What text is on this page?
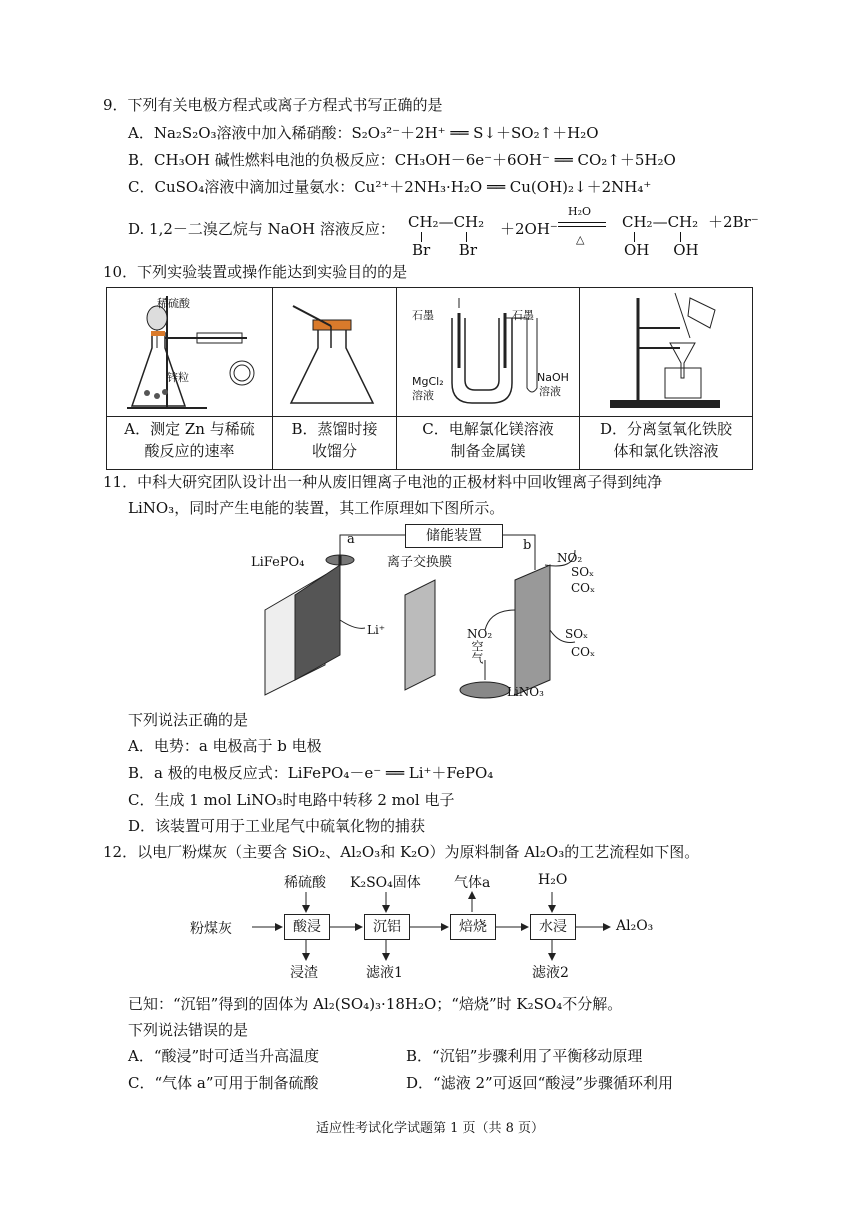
9．下列有关电极方程式或离子方程式书写正确的是
A．Na₂S₂O₃溶液中加入稀硝酸：S₂O₃²⁻＋2H⁺ ══ S↓＋SO₂↑＋H₂O
B．CH₃OH 碱性燃料电池的负极反应：CH₃OH－6e⁻＋6OH⁻ ══ CO₂↑＋5H₂O
C．CuSO₄溶液中滴加过量氨水：Cu²⁺＋2NH₃·H₂O ══ Cu(OH)₂↓＋2NH₄⁺
D. 1,2－二溴乙烷与 NaOH 溶液反应： CH₂—CH₂
Br      Br
＋2OH⁻
H₂O
△
CH₂—CH₂
OH     OH
＋2Br⁻
10．下列实验装置或操作能达到实验目的的是
稀硫酸
锌粒
石墨	石墨
MgCl₂
溶液
NaOH
溶液
A．测定 Zn 与稀硫
酸反应的速率
B．蒸馏时接
收馏分
C．电解氯化镁溶液
制备金属镁
D．分离氢氧化铁胶
体和氯化铁溶液
11．中科大研究团队设计出一种从废旧锂离子电池的正极材料中回收锂离子得到纯净
LiNO₃，同时产生电能的装置，其工作原理如下图所示。
储能装置
a	b
LiFePO₄	离子交换膜
Li⁺
NO₂
SOₓ
COₓ
NO₂
空气
SOₓ
COₓ
LiNO₃
下列说法正确的是
A．电势：a 电极高于 b 电极
B．a 极的电极反应式：LiFePO₄－e⁻ ══ Li⁺＋FePO₄
C．生成 1 mol LiNO₃时电路中转移 2 mol 电子
D．该装置可用于工业尾气中硫氧化物的捕获
12．以电厂粉煤灰（主要含 SiO₂、Al₂O₃和 K₂O）为原料制备 Al₂O₃的工艺流程如下图。
粉煤灰	酸浸	沉铝	焙烧	水浸	Al₂O₃
稀硫酸 K₂SO₄固体 气体a	H₂O
浸渣	滤液1	滤液2
已知：“沉铝”得到的固体为 Al₂(SO₄)₃·18H₂O；“焙烧”时 K₂SO₄不分解。
下列说法错误的是
A．“酸浸”时可适当升高温度	B．“沉铝”步骤利用了平衡移动原理
C．“气体 a”可用于制备硫酸	D．“滤液 2”可返回“酸浸”步骤循环利用
适应性考试化学试题第 1 页（共 8 页）
